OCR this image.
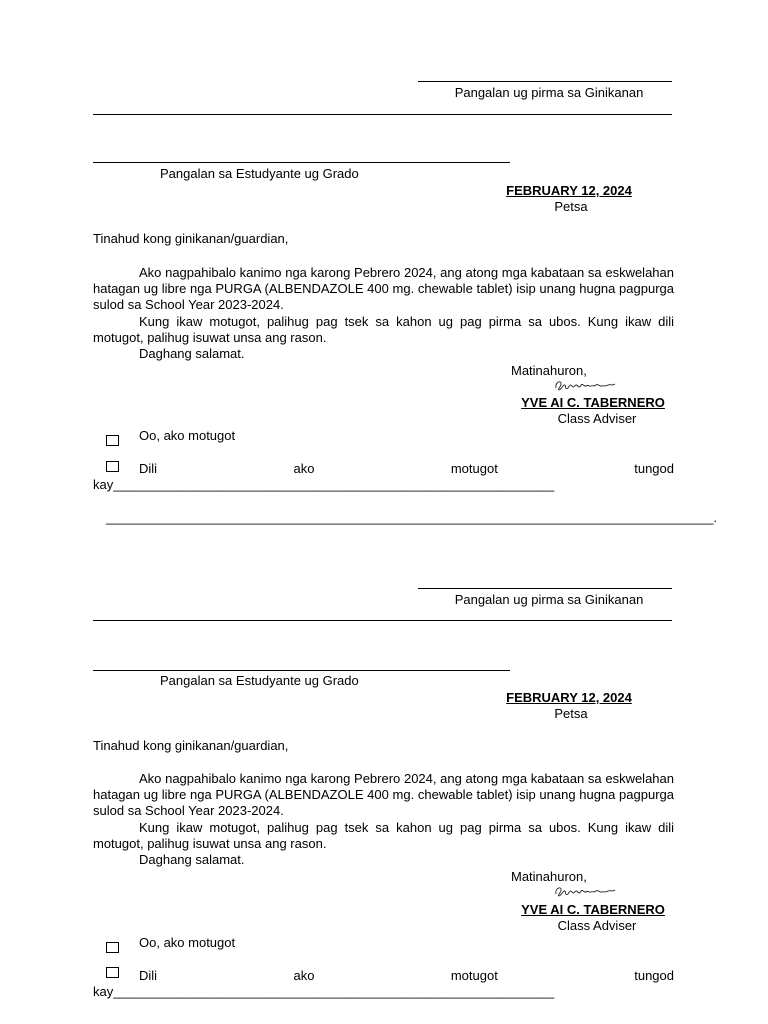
Pangalan ug pirma sa Ginikanan
Pangalan sa Estudyante ug Grado
FEBRUARY 12, 2024
Petsa
Tinahud kong ginikanan/guardian,
Ako nagpahibalo kanimo nga karong Pebrero 2024, ang atong mga kabataan sa eskwelahan hatagan ug libre nga PURGA (ALBENDAZOLE 400 mg. chewable tablet) isip unang hugna pagpurga sulod sa School Year 2023-2024.
Kung ikaw motugot, palihug pag tsek sa kahon ug pag pirma sa ubos. Kung ikaw dili motugot, palihug isuwat unsa ang rason.
Daghang salamat.
Matinahuron,
YVE AI C. TABERNERO
Class Adviser
Oo, ako motugot
Dili	ako	motugot	tungod
kay_____________________________________________________________
____________________________________________________________________________________.
Pangalan ug pirma sa Ginikanan
Pangalan sa Estudyante ug Grado
FEBRUARY 12, 2024
Petsa
Tinahud kong ginikanan/guardian,
Ako nagpahibalo kanimo nga karong Pebrero 2024, ang atong mga kabataan sa eskwelahan hatagan ug libre nga PURGA (ALBENDAZOLE 400 mg. chewable tablet) isip unang hugna pagpurga sulod sa School Year 2023-2024.
Kung ikaw motugot, palihug pag tsek sa kahon ug pag pirma sa ubos. Kung ikaw dili motugot, palihug isuwat unsa ang rason.
Daghang salamat.
Matinahuron,
YVE AI C. TABERNERO
Class Adviser
Oo, ako motugot
Dili	ako	motugot	tungod
kay_____________________________________________________________
